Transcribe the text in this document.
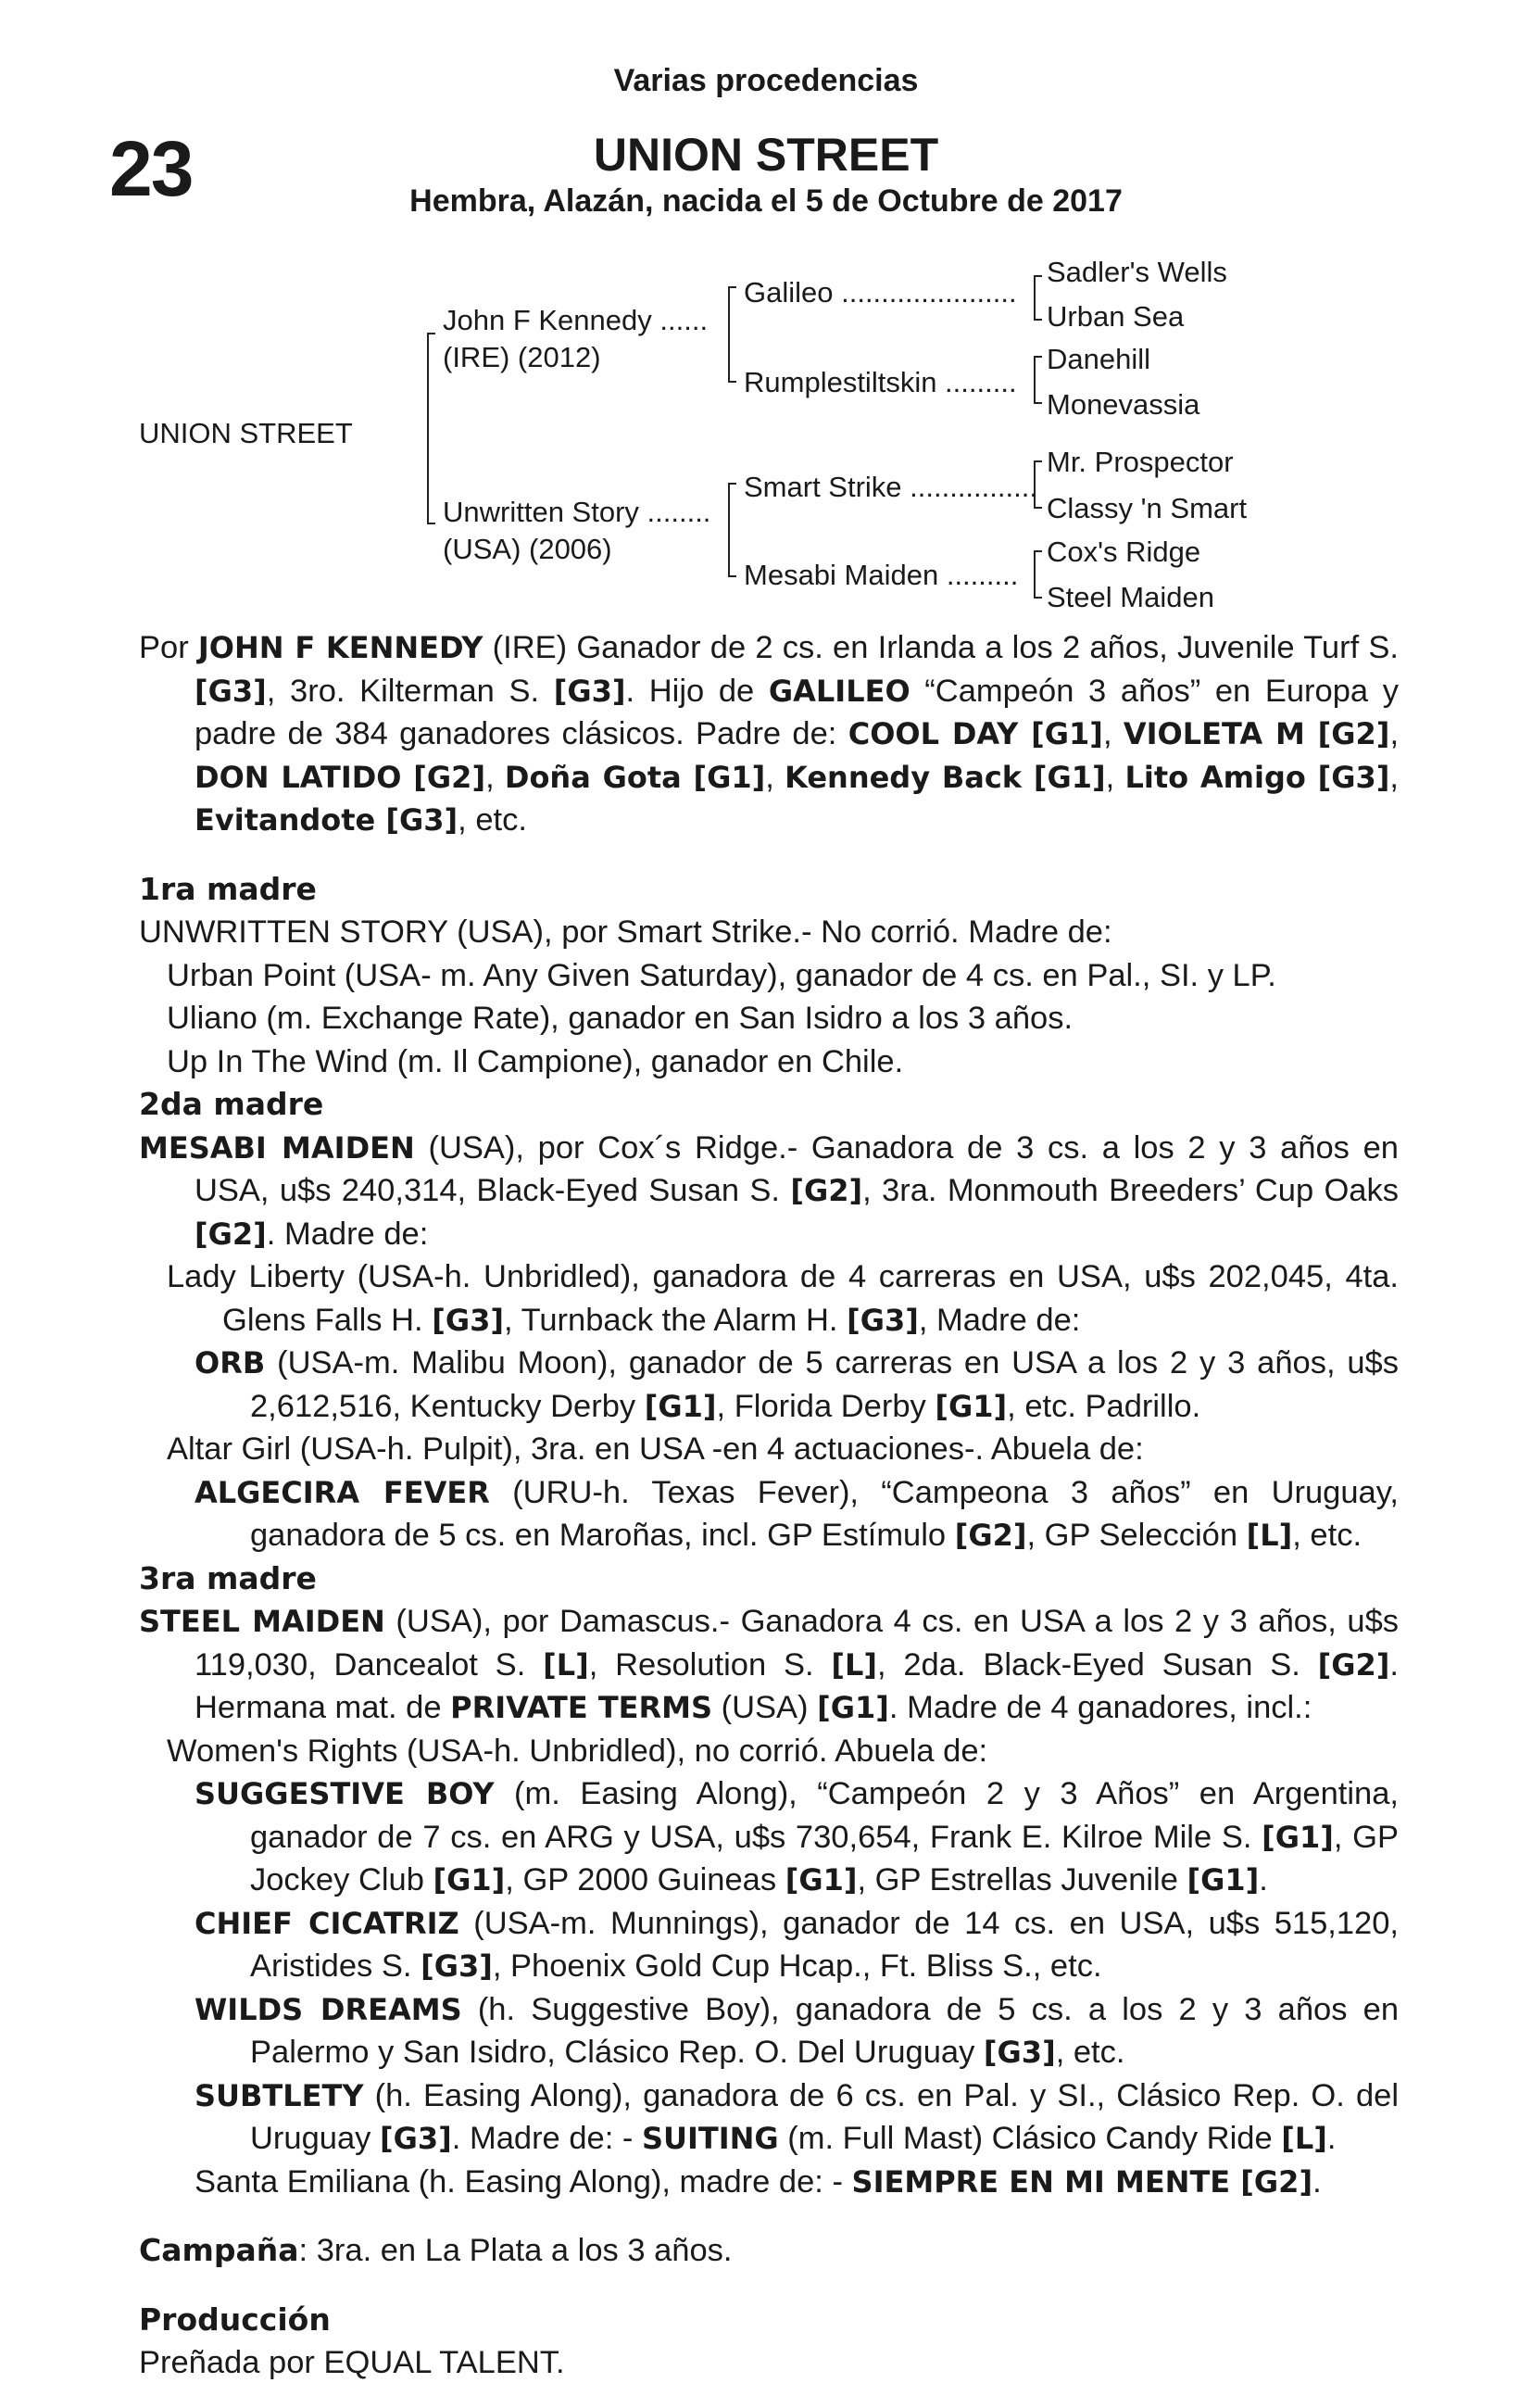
Varias procedencias
23	UNION STREET
Hembra, Alazán, nacida el 5 de Octubre de 2017
UNION STREET
John F Kennedy ......
(IRE) (2012)
Unwritten Story ........
(USA) (2006)
Galileo ......................
Rumplestiltskin .........
Smart Strike ................
Mesabi Maiden .........
Sadler's Wells
Urban Sea
Danehill
Monevassia
Mr. Prospector
Classy 'n Smart
Cox's Ridge
Steel Maiden

Por JOHN F KENNEDY (IRE) Ganador de 2 cs. en Irlanda a los 2 años, Juvenile Turf S. [G3], 3ro. Kilterman S. [G3]. Hijo de GALILEO “Campeón 3 años” en Europa y padre de 384 ganadores clásicos. Padre de: COOL DAY [G1], VIOLETA M [G2], DON LATIDO [G2], Doña Gota [G1], Kennedy Back [G1], Lito Amigo [G3], Evitandote [G3], etc.

1ra madre

UNWRITTEN STORY (USA), por Smart Strike.- No corrió. Madre de:

Urban Point (USA- m. Any Given Saturday), ganador de 4 cs. en Pal., SI. y LP.

Uliano (m. Exchange Rate), ganador en San Isidro a los 3 años.

Up In The Wind (m. Il Campione), ganador en Chile.

2da madre

MESABI MAIDEN (USA), por Cox´s Ridge.- Ganadora de 3 cs. a los 2 y 3 años en USA, u$s 240,314, Black-Eyed Susan S. [G2], 3ra. Monmouth Breeders’ Cup Oaks [G2]. Madre de:

Lady Liberty (USA-h. Unbridled), ganadora de 4 carreras en USA, u$s 202,045, 4ta. Glens Falls H. [G3], Turnback the Alarm H. [G3], Madre de:

ORB (USA-m. Malibu Moon), ganador de 5 carreras en USA a los 2 y 3 años, u$s 2,612,516, Kentucky Derby [G1], Florida Derby [G1], etc. Padrillo.

Altar Girl (USA-h. Pulpit), 3ra. en USA -en 4 actuaciones-. Abuela de:

ALGECIRA FEVER (URU-h. Texas Fever), “Campeona 3 años” en Uruguay, ganadora de 5 cs. en Maroñas, incl. GP Estímulo [G2], GP Selección [L], etc.

3ra madre

STEEL MAIDEN (USA), por Damascus.- Ganadora 4 cs. en USA a los 2 y 3 años, u$s 119,030, Dancealot S. [L], Resolution S. [L], 2da. Black-Eyed Susan S. [G2]. Hermana mat. de PRIVATE TERMS (USA) [G1]. Madre de 4 ganadores, incl.:

Women's Rights (USA-h. Unbridled), no corrió. Abuela de:

SUGGESTIVE BOY (m. Easing Along), “Campeón 2 y 3 Años” en Argentina, ganador de 7 cs. en ARG y USA, u$s 730,654, Frank E. Kilroe Mile S. [G1], GP Jockey Club [G1], GP 2000 Guineas [G1], GP Estrellas Juvenile [G1].

CHIEF CICATRIZ (USA-m. Munnings), ganador de 14 cs. en USA, u$s 515,120, Aristides S. [G3], Phoenix Gold Cup Hcap., Ft. Bliss S., etc.

WILDS DREAMS (h. Suggestive Boy), ganadora de 5 cs. a los 2 y 3 años en Palermo y San Isidro, Clásico Rep. O. Del Uruguay [G3], etc.

SUBTLETY (h. Easing Along), ganadora de 6 cs. en Pal. y SI., Clásico Rep. O. del Uruguay [G3]. Madre de: - SUITING (m. Full Mast) Clásico Candy Ride [L].

Santa Emiliana (h. Easing Along), madre de: - SIEMPRE EN MI MENTE [G2].

Campaña: 3ra. en La Plata a los 3 años.

Producción

Preñada por EQUAL TALENT.
